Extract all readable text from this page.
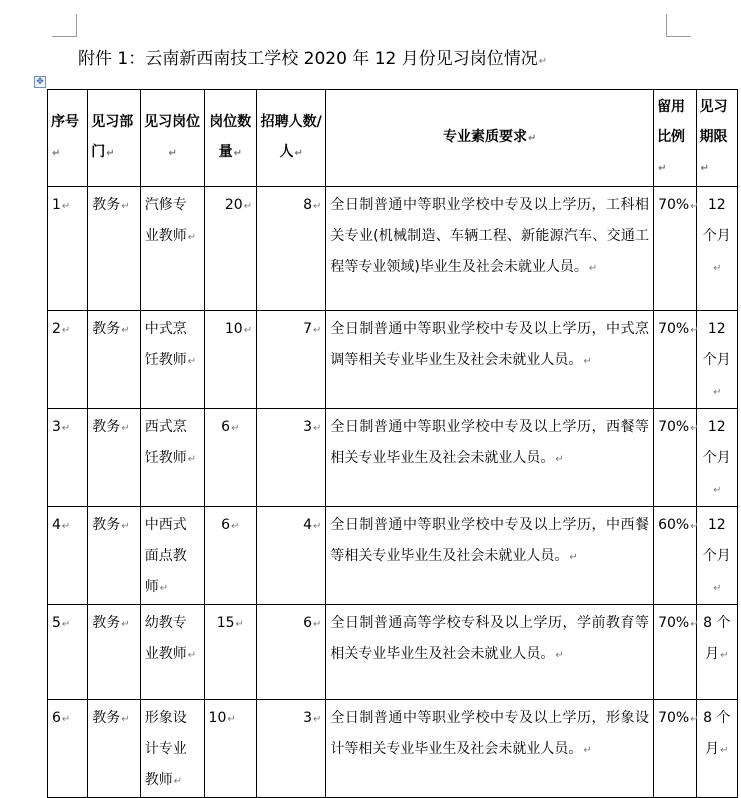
附件 1：云南新西南技工学校 2020 年 12 月份见习岗位情况↵
✥
序号↵	见习部门↵	见习岗位↵	岗位数 量↵	招聘人数/人↵	专业素质要求↵	留用比例↵	见习期限↵
1↵	教务↵	汽修专业教师↵	20↵	8↵	全日制普通中等职业学校中专及以上学历，工科相关专业(机械制造、车辆工程、新能源汽车、交通工程等专业领域)毕业生及社会未就业人员。↵	70%↵	12 个月↵
2↵	教务↵	中式烹饪教师↵	10↵	7↵	全日制普通中等职业学校中专及以上学历，中式烹调等相关专业毕业生及社会未就业人员。↵	70%↵	12 个月↵
3↵	教务↵	西式烹饪教师↵	6↵	3↵	全日制普通中等职业学校中专及以上学历，西餐等相关专业毕业生及社会未就业人员。↵	70%↵	12 个月↵
4↵	教务↵	中西式面点教师↵	6↵	4↵	全日制普通中等职业学校中专及以上学历，中西餐等相关专业毕业生及社会未就业人员。↵	60%↵	12 个月↵
5↵	教务↵	幼教专业教师↵	15↵	6↵	全日制普通高等学校专科及以上学历，学前教育等相关专业毕业生及社会未就业人员。↵	70%↵	8 个月↵
6↵	教务↵	形象设计专业教师↵	10↵	3↵	全日制普通中等职业学校中专及以上学历，形象设计等相关专业毕业生及社会未就业人员。↵	70%↵	8 个月↵
